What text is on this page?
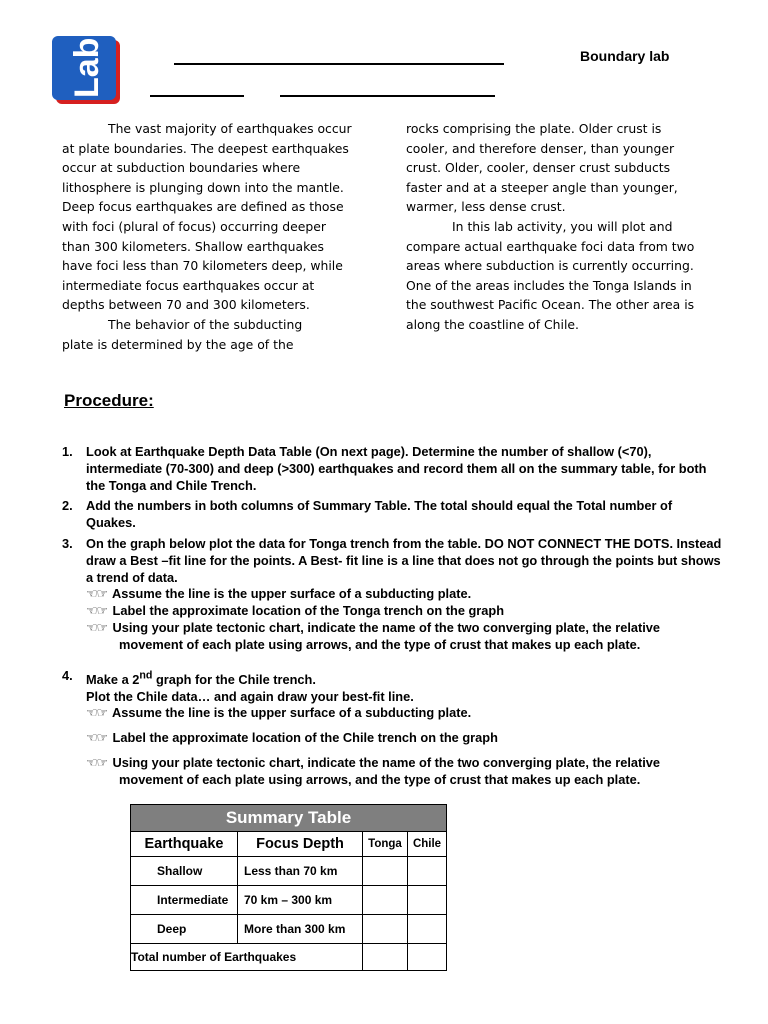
Lab	Boundary lab

The vast majority of earthquakes occur at plate boundaries. The deepest earthquakes occur at subduction boundaries where lithosphere is plunging down into the mantle. Deep focus earthquakes are defined as those with foci (plural of focus) occurring deeper than 300 kilometers. Shallow earthquakes have foci less than 70 kilometers deep, while intermediate focus earthquakes occur at depths between 70 and 300 kilometers.

The behavior of the subducting plate is determined by the age of the

rocks comprising the plate. Older crust is cooler, and therefore denser, than younger crust. Older, cooler, denser crust subducts faster and at a steeper angle than younger, warmer, less dense crust.

In this lab activity, you will plot and compare actual earthquake foci data from two areas where subduction is currently occurring. One of the areas includes the Tonga Islands in the southwest Pacific Ocean. The other area is along the coastline of Chile.

Procedure:
1. Look at Earthquake Depth Data Table (On next page). Determine the number of shallow (<70), intermediate (70-300) and deep (>300) earthquakes and record them all on the summary table, for both the Tonga and Chile Trench.
2. Add the numbers in both columns of Summary Table. The total should equal the Total number of Quakes.
3. On the graph below plot the data for Tonga trench from the table. DO NOT CONNECT THE DOTS. Instead draw a Best –fit line for the points. A Best- fit line is a line that does not go through the points but shows a trend of data.
☜☞ Assume the line is the upper surface of a subducting plate.
☜☞ Label the approximate location of the Tonga trench on the graph
☜☞ Using your plate tectonic chart, indicate the name of the two converging plate, the relative movement of each plate using arrows, and the type of crust that makes up each plate.
4. Make a 2nd graph for the Chile trench.
Plot the Chile data… and again draw your best-fit line.
☜☞ Assume the line is the upper surface of a subducting plate.
☜☞ Label the approximate location of the Chile trench on the graph
☜☞ Using your plate tectonic chart, indicate the name of the two converging plate, the relative movement of each plate using arrows, and the type of crust that makes up each plate.
Summary Table			
Earthquake	Focus Depth	Tonga	Chile
Shallow	Less than 70 km		
Intermediate	70 km – 300 km		
Deep	More than 300 km		
Total number of Earthquakes			
